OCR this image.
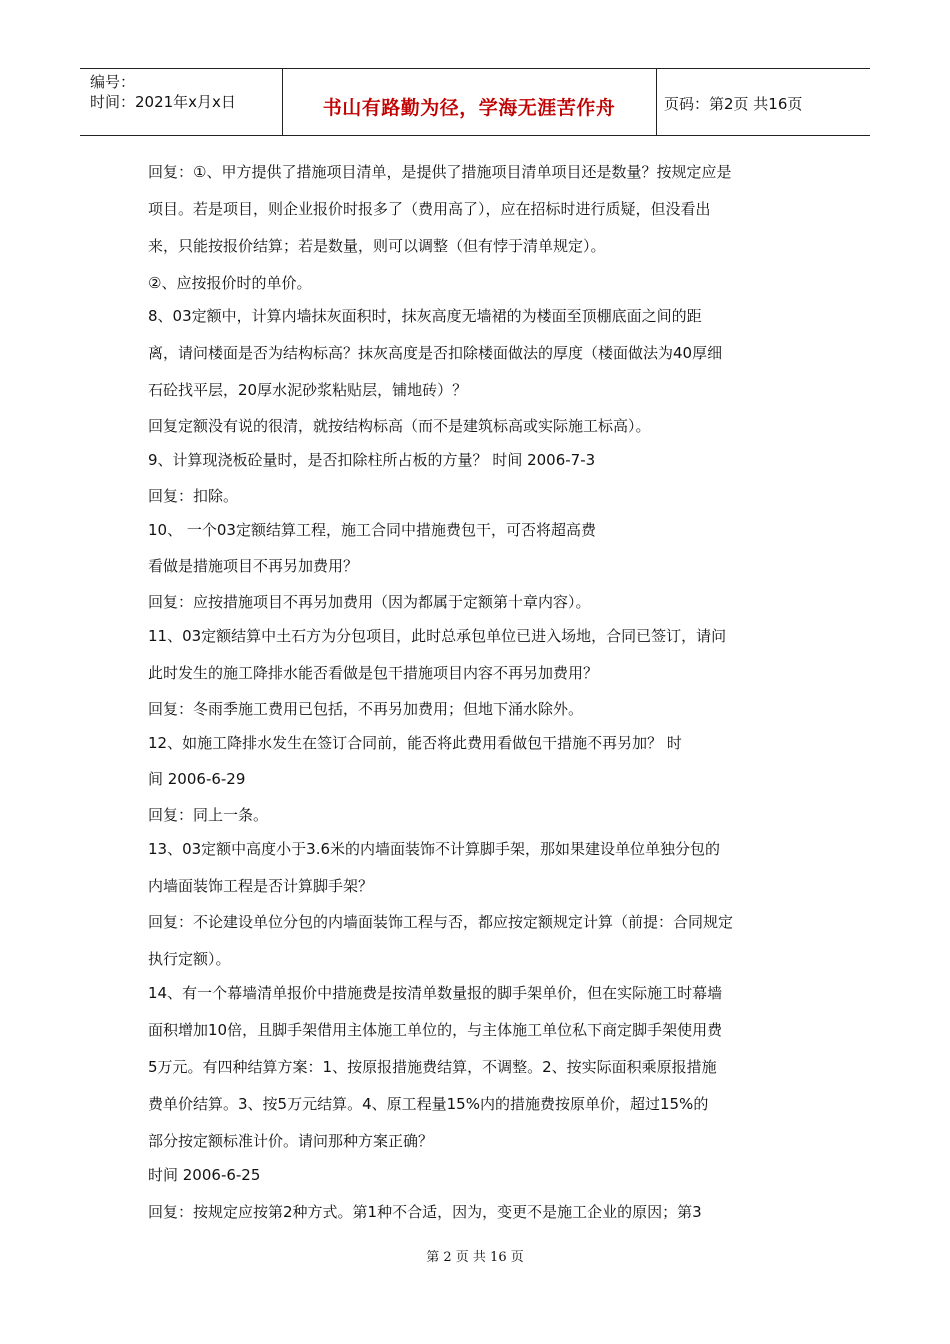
编号：
时间：2021年x月x日	书山有路勤为径，学海无涯苦作舟	页码：第2页 共16页
回复：①、甲方提供了措施项目清单，是提供了措施项目清单项目还是数量？按规定应是
项目。若是项目，则企业报价时报多了（费用高了），应在招标时进行质疑，但没看出
来，只能按报价结算；若是数量，则可以调整（但有悖于清单规定）。
②、应按报价时的单价。
8、03定额中，计算内墙抹灰面积时，抹灰高度无墙裙的为楼面至顶棚底面之间的距
离，请问楼面是否为结构标高？抹灰高度是否扣除楼面做法的厚度（楼面做法为40厚细
石砼找平层，20厚水泥砂浆粘贴层，铺地砖）？
回复定额没有说的很清，就按结构标高（而不是建筑标高或实际施工标高）。
9、计算现浇板砼量时，是否扣除柱所占板的方量？ 时间 2006-7-3
回复：扣除。
10、 一个03定额结算工程，施工合同中措施费包干，可否将超高费
看做是措施项目不再另加费用？
回复：应按措施项目不再另加费用（因为都属于定额第十章内容）。
11、03定额结算中土石方为分包项目，此时总承包单位已进入场地，合同已签订，请问
此时发生的施工降排水能否看做是包干措施项目内容不再另加费用？
回复：冬雨季施工费用已包括，不再另加费用；但地下涌水除外。
12、如施工降排水发生在签订合同前，能否将此费用看做包干措施不再另加？ 时
间 2006-6-29
回复：同上一条。
13、03定额中高度小于3.6米的内墙面装饰不计算脚手架，那如果建设单位单独分包的
内墙面装饰工程是否计算脚手架？
回复：不论建设单位分包的内墙面装饰工程与否，都应按定额规定计算（前提：合同规定
执行定额）。
14、有一个幕墙清单报价中措施费是按清单数量报的脚手架单价，但在实际施工时幕墙
面积增加10倍，且脚手架借用主体施工单位的，与主体施工单位私下商定脚手架使用费
5万元。有四种结算方案：1、按原报措施费结算，不调整。2、按实际面积乘原报措施
费单价结算。3、按5万元结算。4、原工程量15%内的措施费按原单价，超过15%的
部分按定额标准计价。请问那种方案正确？
时间 2006-6-25
回复：按规定应按第2种方式。第1种不合适，因为，变更不是施工企业的原因；第3
第 2 页 共 16 页
